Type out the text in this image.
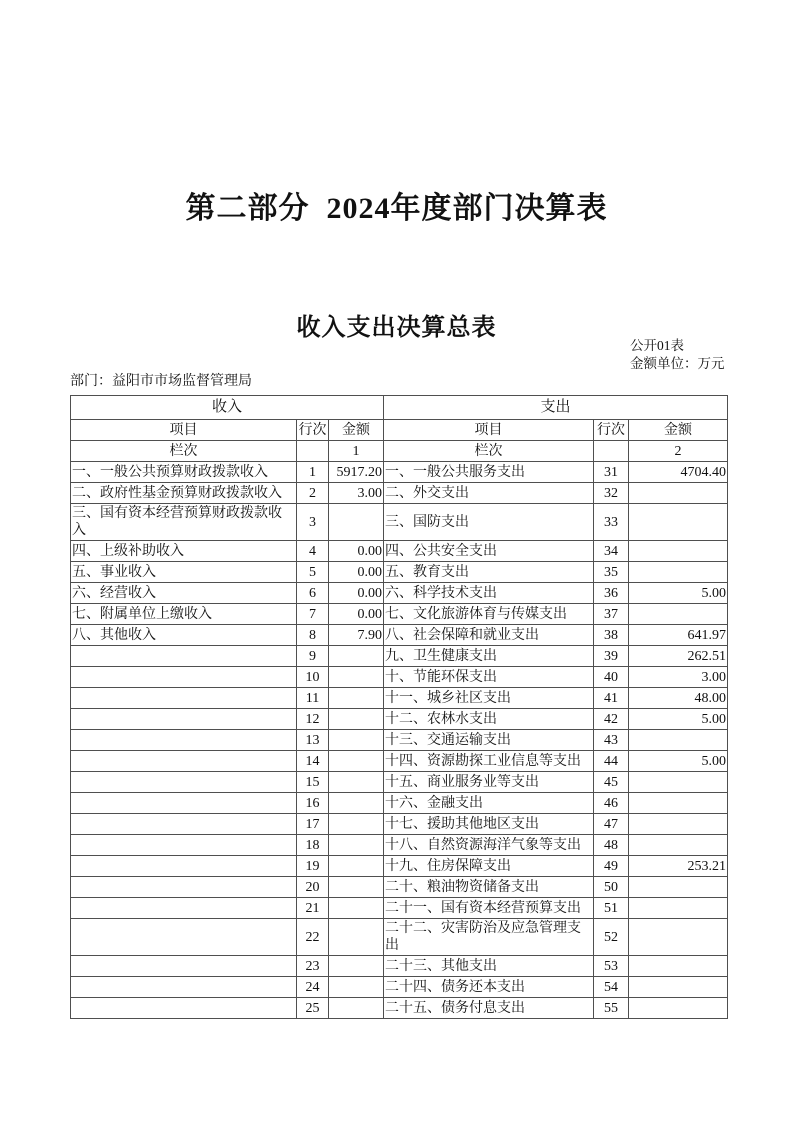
第二部分  2024年度部门决算表
收入支出决算总表
公开01表
金额单位：万元
部门：益阳市市场监督管理局
收入			支出		
项目	行次	金额	项目	行次	金额
栏次		1	栏次		2
一、一般公共预算财政拨款收入	1	5917.20	一、一般公共服务支出	31	4704.40
二、政府性基金预算财政拨款收入	2	3.00	二、外交支出	32	
三、国有资本经营预算财政拨款收入	3		三、国防支出	33	
四、上级补助收入	4	0.00	四、公共安全支出	34	
五、事业收入	5	0.00	五、教育支出	35	
六、经营收入	6	0.00	六、科学技术支出	36	5.00
七、附属单位上缴收入	7	0.00	七、文化旅游体育与传媒支出	37	
八、其他收入	8	7.90	八、社会保障和就业支出	38	641.97
	9		九、卫生健康支出	39	262.51
	10		十、节能环保支出	40	3.00
	11		十一、城乡社区支出	41	48.00
	12		十二、农林水支出	42	5.00
	13		十三、交通运输支出	43	
	14		十四、资源勘探工业信息等支出	44	5.00
	15		十五、商业服务业等支出	45	
	16		十六、金融支出	46	
	17		十七、援助其他地区支出	47	
	18		十八、自然资源海洋气象等支出	48	
	19		十九、住房保障支出	49	253.21
	20		二十、粮油物资储备支出	50	
	21		二十一、国有资本经营预算支出	51	
	22		二十二、灾害防治及应急管理支出	52	
	23		二十三、其他支出	53	
	24		二十四、债务还本支出	54	
	25		二十五、债务付息支出	55	
